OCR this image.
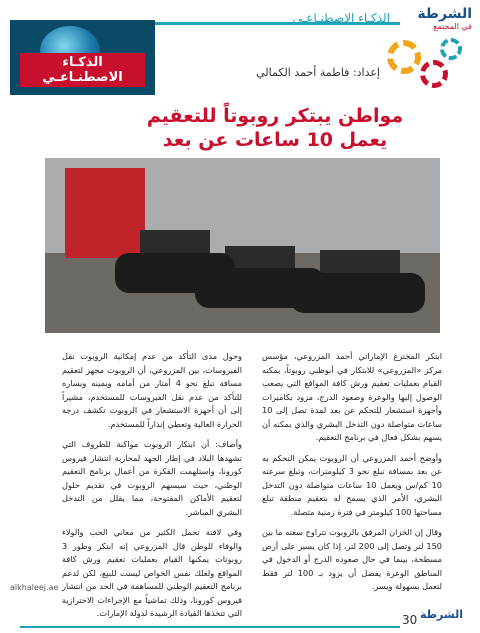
الذكـاء الاصطنـاعـي الشرطة
في المجتمع
الذكـاء الاصطنـاعـي	إعداد: فاطمة أحمد الكمالي
مواطن يبتكر روبوتاً للتعقيم
يعمل 10 ساعات عن بعد

ابتكر المخترع الإماراتي أحمد المزروعي، مؤسس مركز «المزروعي» للابتكار في أبوظبي روبوتاً، يمكنه القيام بعمليات تعقيم ورش كافة المواقع التي يصعب الوصول إليها والوعرة وصعود الدرج، مزود بكاميرات وأجهزة استشعار للتحكم عن بعد لمدة تصل إلى 10 ساعات متواصلة دون التدخل البشري والذي يمكنه أن يسهم بشكل فعال في برنامج التعقيم.

وأوضح أحمد المزروعي أن الروبوت يمكن التحكم به عن بعد بمسافة تبلغ نحو 3 كيلومترات، وتبلغ سرعته 10 كم/س ويعمل 10 ساعات متواصلة دون التدخل البشري، الأمر الذي يسمح له بتعقيم منطقة تبلغ مساحتها 100 كيلومتر في فترة زمنية متصلة.

وقال إن الخزان المرفق بالروبوت تتراوح سعته ما بين 150 لتر وتصل إلى 200 لتر، إذا كان يسير على أرض مسطحة، بينما في حال صعوده الدرج أو الدخول في المناطق الوعرة يفضل أن يزود بـ 100 لتر فقط لتعمل بسهولة ويسر.

وحول مدى التأكد من عدم إمكانية الروبوت نقل الفيروسات، بين المزروعي، أن الروبوت مجهز لتعقيم مسافة تبلغ نحو 4 أمتار من أمامه ويمينه ويساره للتأكد من عدم نقل الفيروسات للمستخدم، مشيراً إلى أن أجهزة الاستشعار في الروبوت تكشف درجة الحرارة العالية وتعطي إنذاراً للمستخدم.

وأضاف: أن ابتكار الروبوت مواكبة للظروف التي تشهدها البلاد في إطار الجهد لمحاربة انتشار فيروس كورونا، واستلهمت الفكرة من أعمال برنامج التعقيم الوطني، حيث سيسهم الروبوت في تقديم حلول لتعقيم الأماكن المفتوحة، مما يقلل من التدخل البشري المباشر.

وفي لافتة تحمل الكثير من معاني الحب والولاء والوفاء للوطن قال المزروعي إنه ابتكر وطور 3 روبوتات يمكنها القيام بعمليات تعقيم ورش كافة المواقع ولعلك نفس الخواص ليست للبيع، لكن لدعم برنامج التعقيم الوطني للمساهمة في الحد من انتشار فيروس كورونا، وذلك تماشياً مع الإجراءات الاحترازية التي تتخذها القيادة الرشيدة لدولة الإمارات.

alkhaleej.ae
30 الشرطة
